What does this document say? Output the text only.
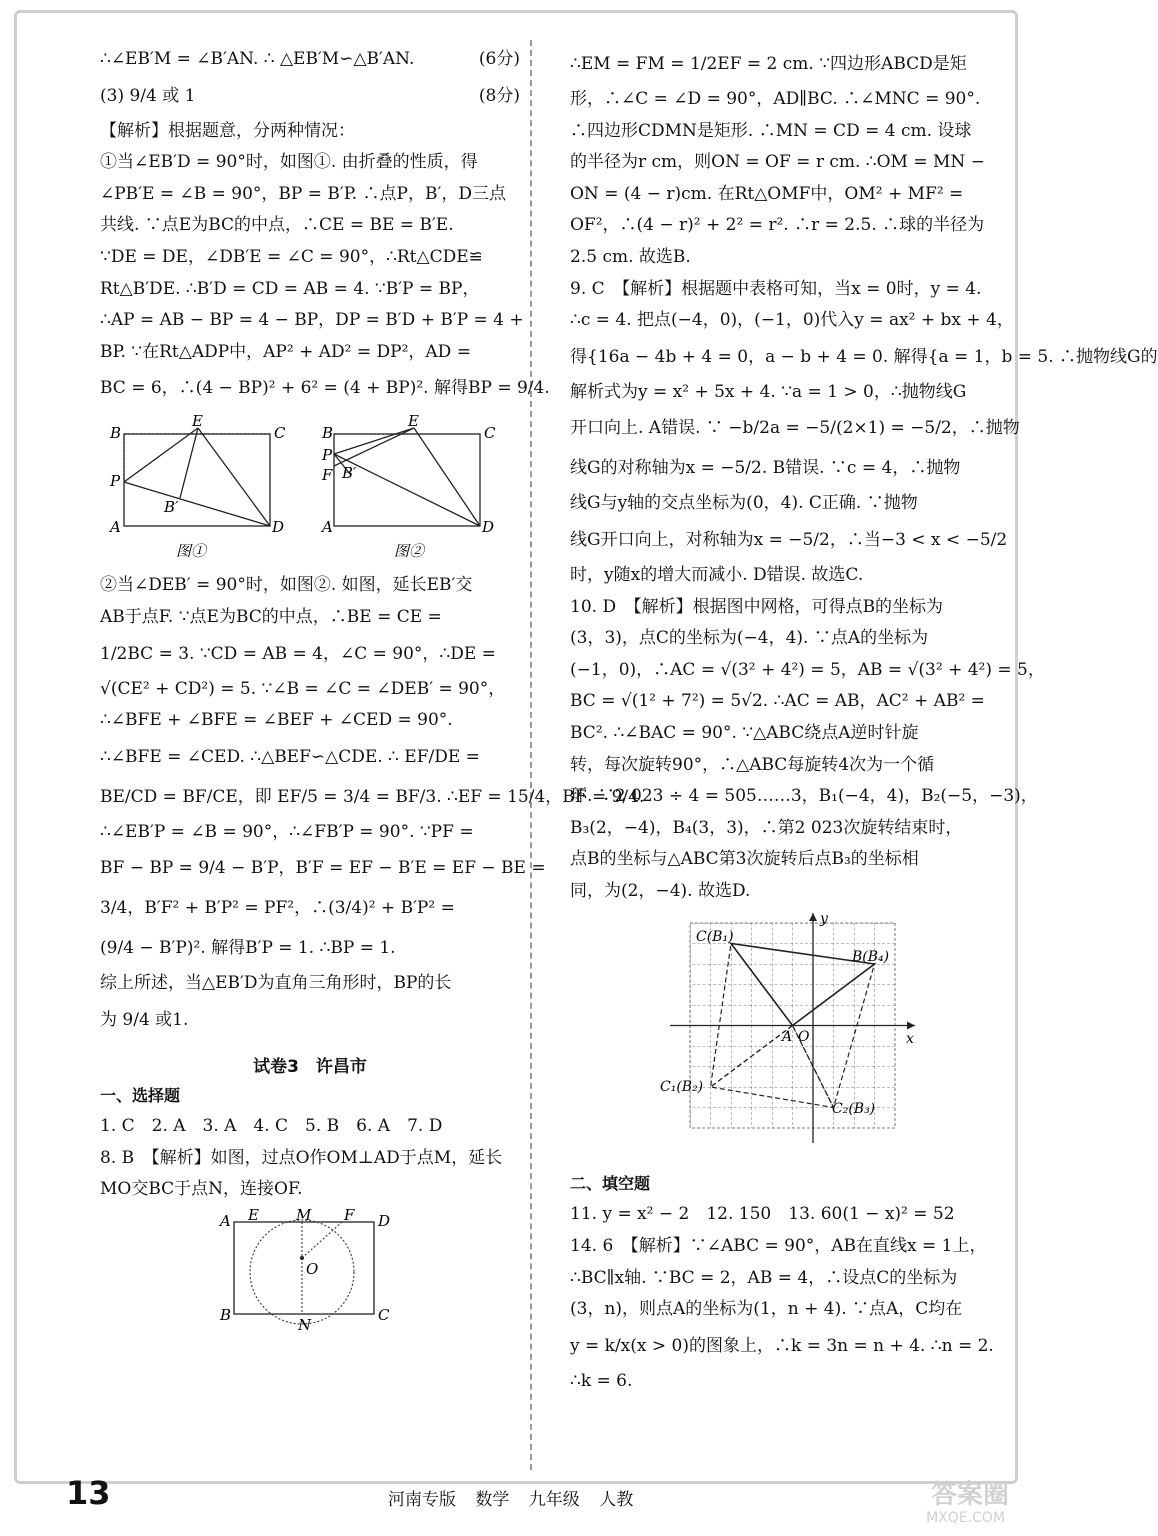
∴∠EB′M = ∠B′AN. ∴ △EB′M∽△B′AN.	(6分)
(3) 9/4 或 1	(8分)
【解析】根据题意，分两种情况：
①当∠EB′D = 90°时，如图①. 由折叠的性质，得
∠PB′E = ∠B = 90°，BP = B′P. ∴点P，B′，D三点
共线. ∵点E为BC的中点，∴CE = BE = B′E.
∵DE = DE，∠DB′E = ∠C = 90°，∴Rt△CDE≌
Rt△B′DE. ∴B′D = CD = AB = 4. ∵B′P = BP，
∴AP = AB − BP = 4 − BP，DP = B′D + B′P = 4 +
BP. ∵在Rt△ADP中，AP² + AD² = DP²，AD =
BC = 6，∴(4 − BP)² + 6² = (4 + BP)². 解得BP = 9/4.
B
E
C
P
B′
A	D
图①
B
E
C
P
F B′
A	D
图②
②当∠DEB′ = 90°时，如图②. 如图，延长EB′交
AB于点F. ∵点E为BC的中点，∴BE = CE =
1/2BC = 3. ∵CD = AB = 4，∠C = 90°，∴DE =
√(CE² + CD²) = 5. ∵∠B = ∠C = ∠DEB′ = 90°，
∴∠BFE + ∠BFE = ∠BEF + ∠CED = 90°.
∴∠BFE = ∠CED. ∴△BEF∽△CDE. ∴ EF/DE =
BE/CD = BF/CE，即 EF/5 = 3/4 = BF/3. ∴EF = 15/4，BF = 9/4.
∴∠EB′P = ∠B = 90°，∴∠FB′P = 90°. ∵PF =
BF − BP = 9/4 − B′P，B′F = EF − B′E = EF − BE =
3/4，B′F² + B′P² = PF²，∴(3/4)² + B′P² =
(9/4 − B′P)². 解得B′P = 1. ∴BP = 1.
综上所述，当△EB′D为直角三角形时，BP的长
为 9/4 或1.
试卷3　许昌市
一、选择题
1. C　2. A　3. A　4. C　5. B　6. A　7. D
8. B　【解析】如图，过点O作OM⊥AD于点M，延长
MO交BC于点N，连接OF.
A E M F D
O
B
N
C
∴EM = FM = 1/2EF = 2 cm. ∵四边形ABCD是矩
形，∴∠C = ∠D = 90°，AD∥BC. ∴∠MNC = 90°.
∴四边形CDMN是矩形. ∴MN = CD = 4 cm. 设球
的半径为r cm，则ON = OF = r cm. ∴OM = MN −
ON = (4 − r)cm. 在Rt△OMF中，OM² + MF² =
OF²，∴(4 − r)² + 2² = r². ∴r = 2.5. ∴球的半径为
2.5 cm. 故选B.
9. C　【解析】根据题中表格可知，当x = 0时，y = 4.
∴c = 4. 把点(−4，0)，(−1，0)代入y = ax² + bx + 4，
得{16a − 4b + 4 = 0，a − b + 4 = 0. 解得{a = 1，b = 5. ∴抛物线G的
解析式为y = x² + 5x + 4. ∵a = 1 > 0，∴抛物线G
开口向上. A错误. ∵ −b/2a = −5/(2×1) = −5/2，∴抛物
线G的对称轴为x = −5/2. B错误. ∵c = 4，∴抛物
线G与y轴的交点坐标为(0，4). C正确. ∵抛物
线G开口向上，对称轴为x = −5/2，∴当−3 < x < −5/2
时，y随x的增大而减小. D错误. 故选C.
10. D　【解析】根据图中网格，可得点B的坐标为
(3，3)，点C的坐标为(−4，4). ∵点A的坐标为
(−1，0)，∴AC = √(3² + 4²) = 5，AB = √(3² + 4²) = 5，
BC = √(1² + 7²) = 5√2. ∴AC = AB，AC² + AB² =
BC². ∴∠BAC = 90°. ∵△ABC绕点A逆时针旋
转，每次旋转90°，∴△ABC每旋转4次为一个循
环. ∵2 023 ÷ 4 = 505……3，B₁(−4，4)，B₂(−5，−3)，
B₃(2，−4)，B₄(3，3)，∴第2 023次旋转结束时，
点B的坐标与△ABC第3次旋转后点B₃的坐标相
同，为(2，−4). 故选D.
x
y
O
C(B₁)
B(B₄)
A
C₁(B₂)
C₂(B₃)
二、填空题
11. y = x² − 2　12. 150　13. 60(1 − x)² = 52
14. 6　【解析】∵∠ABC = 90°，AB在直线x = 1上，
∴BC∥x轴. ∵BC = 2，AB = 4，∴设点C的坐标为
(3，n)，则点A的坐标为(1，n + 4). ∵点A，C均在
y = k/x(x > 0)的图象上，∴k = 3n = n + 4. ∴n = 2.
∴k = 6.
13	河南专版 数学 九年级 人教	答案圈
MXQE.COM
